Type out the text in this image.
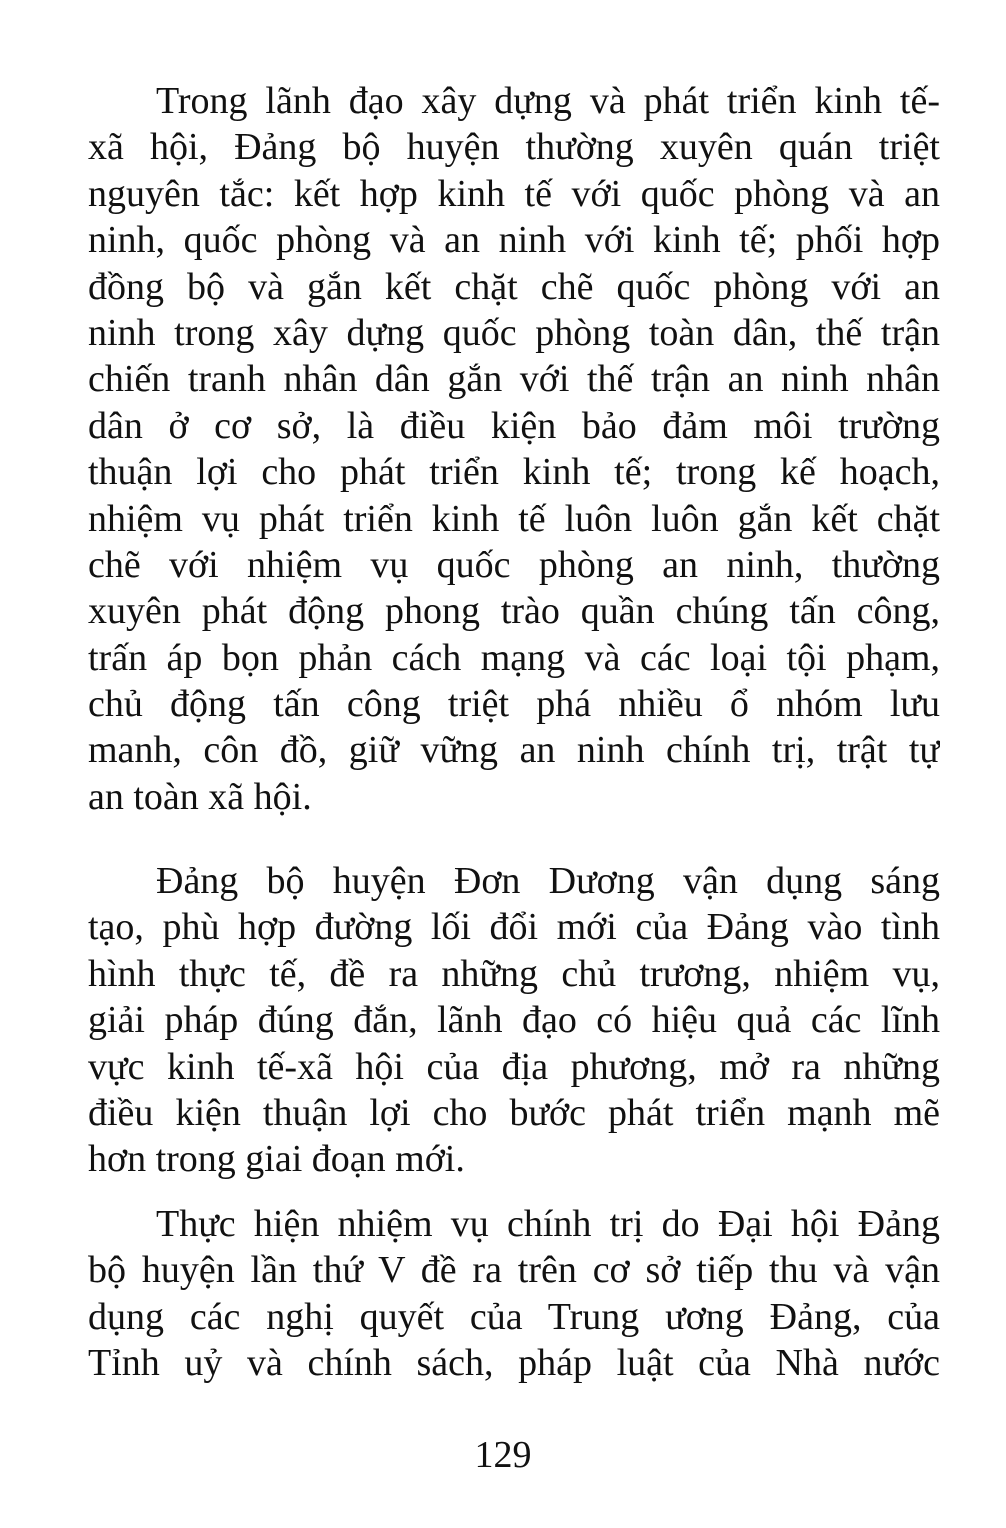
Trong lãnh đạo xây dựng và phát triển kinh tế-
xã hội, Đảng bộ huyện thường xuyên quán triệt
nguyên tắc: kết hợp kinh tế với quốc phòng và an
ninh, quốc phòng và an ninh với kinh tế; phối hợp
đồng bộ và gắn kết chặt chẽ quốc phòng với an
ninh trong xây dựng quốc phòng toàn dân, thế trận
chiến tranh nhân dân gắn với thế trận an ninh nhân
dân ở cơ sở, là điều kiện bảo đảm môi trường
thuận lợi cho phát triển kinh tế; trong kế hoạch,
nhiệm vụ phát triển kinh tế luôn luôn gắn kết chặt
chẽ với nhiệm vụ quốc phòng an ninh, thường
xuyên phát động phong trào quần chúng tấn công,
trấn áp bọn phản cách mạng và các loại tội phạm,
chủ động tấn công triệt phá nhiều ổ nhóm lưu
manh, côn đồ, giữ vững an ninh chính trị, trật tự
an toàn xã hội.

Đảng bộ huyện Đơn Dương vận dụng sáng
tạo, phù hợp đường lối đổi mới của Đảng vào tình
hình thực tế, đề ra những chủ trương, nhiệm vụ,
giải pháp đúng đắn, lãnh đạo có hiệu quả các lĩnh
vực kinh tế-xã hội của địa phương, mở ra những
điều kiện thuận lợi cho bước phát triển mạnh mẽ
hơn trong giai đoạn mới.

Thực hiện nhiệm vụ chính trị do Đại hội Đảng
bộ huyện lần thứ V đề ra trên cơ sở tiếp thu và vận
dụng các nghị quyết của Trung ương Đảng, của
Tỉnh uỷ và chính sách, pháp luật của Nhà nước

129
